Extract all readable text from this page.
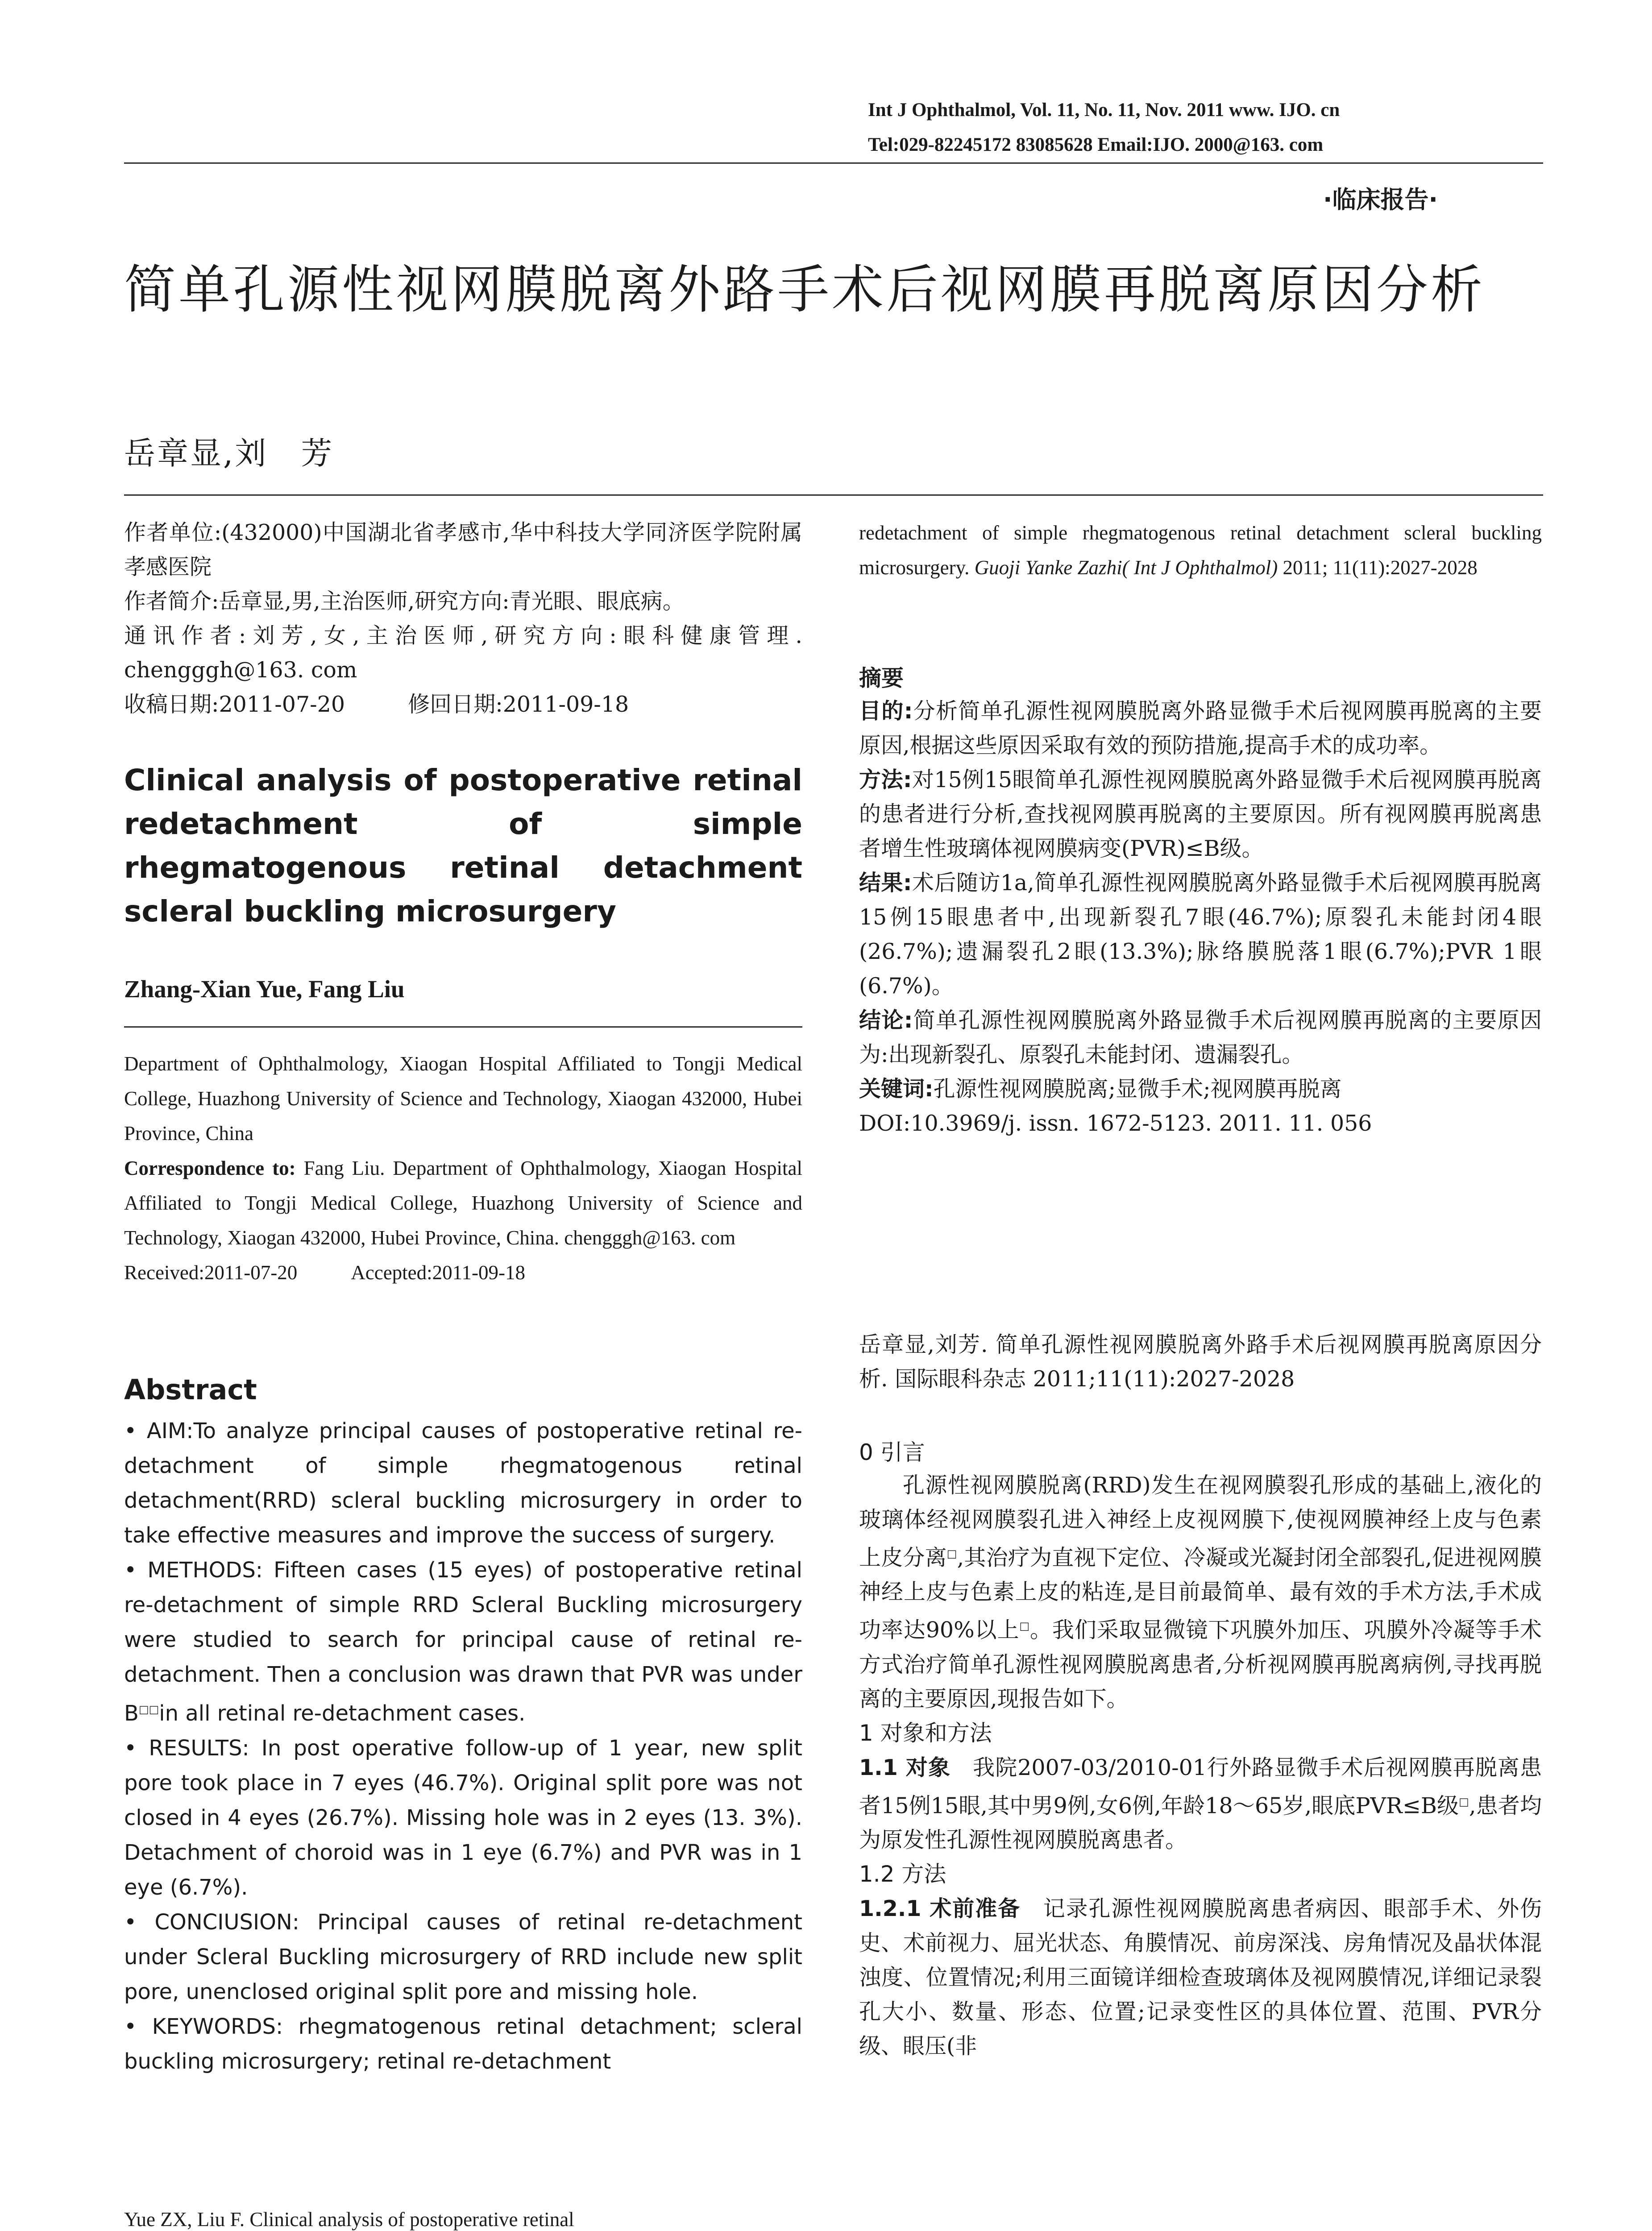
Int J Ophthalmol, Vol. 11, No. 11, Nov. 2011 www. IJO. cn
Tel:029-82245172 83085628 Email:IJO. 2000@163. com
·临床报告·
简单孔源性视网膜脱离外路手术后视网膜再脱离原因分析
岳章显,刘　芳

作者单位:(432000)中国湖北省孝感市,华中科技大学同济医学院附属孝感医院

作者简介:岳章显,男,主治医师,研究方向:青光眼、眼底病。

通讯作者:刘芳,女,主治医师,研究方向:眼科健康管理. chengggh@163. com

收稿日期:2011-07-20	修回日期:2011-09-18

Clinical analysis of postoperative retinal redetachment of simple rhegmatogenous retinal detachment scleral buckling microsurgery
Zhang-Xian Yue, Fang Liu

Department of Ophthalmology, Xiaogan Hospital Affiliated to Tongji Medical College, Huazhong University of Science and Technology, Xiaogan 432000, Hubei Province, China

Correspondence to: Fang Liu. Department of Ophthalmology, Xiaogan Hospital Affiliated to Tongji Medical College, Huazhong University of Science and Technology, Xiaogan 432000, Hubei Province, China. chengggh@163. com

Received:2011-07-20	Accepted:2011-09-18

Abstract

• AIM:To analyze principal causes of postoperative retinal re-detachment of simple rhegmatogenous retinal detachment(RRD) scleral buckling microsurgery in order to take effective measures and improve the success of surgery.

• METHODS: Fifteen cases (15 eyes) of postoperative retinal re-detachment of simple RRD Scleral Buckling microsurgery were studied to search for principal cause of retinal re-detachment. Then a conclusion was drawn that PVR was under B□□in all retinal re-detachment cases.

• RESULTS: In post operative follow-up of 1 year, new split pore took place in 7 eyes (46.7%). Original split pore was not closed in 4 eyes (26.7%). Missing hole was in 2 eyes (13. 3%). Detachment of choroid was in 1 eye (6.7%) and PVR was in 1 eye (6.7%).

• CONCIUSION: Principal causes of retinal re-detachment under Scleral Buckling microsurgery of RRD include new split pore, unenclosed original split pore and missing hole.

• KEYWORDS: rhegmatogenous retinal detachment; scleral buckling microsurgery; retinal re-detachment

Yue ZX, Liu F. Clinical analysis of postoperative retinal
redetachment of simple rhegmatogenous retinal detachment scleral buckling microsurgery. Guoji Yanke Zazhi( Int J Ophthalmol) 2011; 11(11):2027-2028
摘要

目的:分析简单孔源性视网膜脱离外路显微手术后视网膜再脱离的主要原因,根据这些原因采取有效的预防措施,提高手术的成功率。

方法:对15例15眼简单孔源性视网膜脱离外路显微手术后视网膜再脱离的患者进行分析,查找视网膜再脱离的主要原因。所有视网膜再脱离患者增生性玻璃体视网膜病变(PVR)≤B级。

结果:术后随访1a,简单孔源性视网膜脱离外路显微手术后视网膜再脱离15例15眼患者中,出现新裂孔7眼(46.7%);原裂孔未能封闭4眼(26.7%);遗漏裂孔2眼(13.3%);脉络膜脱落1眼(6.7%);PVR 1眼(6.7%)。

结论:简单孔源性视网膜脱离外路显微手术后视网膜再脱离的主要原因为:出现新裂孔、原裂孔未能封闭、遗漏裂孔。

关键词:孔源性视网膜脱离;显微手术;视网膜再脱离

DOI:10.3969/j. issn. 1672-5123. 2011. 11. 056

岳章显,刘芳. 简单孔源性视网膜脱离外路手术后视网膜再脱离原因分析. 国际眼科杂志 2011;11(11):2027-2028
0 引言

孔源性视网膜脱离(RRD)发生在视网膜裂孔形成的基础上,液化的玻璃体经视网膜裂孔进入神经上皮视网膜下,使视网膜神经上皮与色素上皮分离□,其治疗为直视下定位、冷凝或光凝封闭全部裂孔,促进视网膜神经上皮与色素上皮的粘连,是目前最简单、最有效的手术方法,手术成功率达90%以上□。我们采取显微镜下巩膜外加压、巩膜外冷凝等手术方式治疗简单孔源性视网膜脱离患者,分析视网膜再脱离病例,寻找再脱离的主要原因,现报告如下。

1 对象和方法

1.1 对象　我院2007-03/2010-01行外路显微手术后视网膜再脱离患者15例15眼,其中男9例,女6例,年龄18～65岁,眼底PVR≤B级□,患者均为原发性孔源性视网膜脱离患者。

1.2 方法

1.2.1 术前准备　记录孔源性视网膜脱离患者病因、眼部手术、外伤史、术前视力、屈光状态、角膜情况、前房深浅、房角情况及晶状体混浊度、位置情况;利用三面镜详细检查玻璃体及视网膜情况,详细记录裂孔大小、数量、形态、位置;记录变性区的具体位置、范围、PVR分级、眼压(非
